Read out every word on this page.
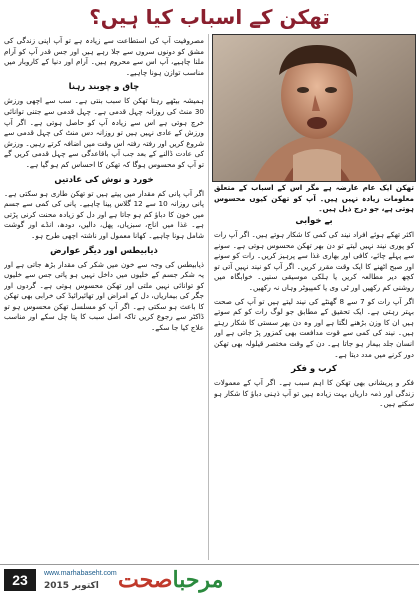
تھکن کے اسباب کیا ہیں؟

مصروفیت آپ کی استطاعت سے زیادہ ہے تو آپ اپنی زندگی کی مشق کو دونوں سروں سے جلا رہے ہیں اور جس قدر آپ کو آرام ملنا چاہیے، آپ اس سے محروم ہیں۔ آرام اور دنیا کے کاروبار میں مناسب توازن ہونا چاہیے۔

چاق و چوبند رہنا

ہمیشہ بیٹھے رہنا تھکن کا سبب بنتی ہے۔ سب سے اچھی ورزش 30 منٹ کی روزانہ چہل قدمی ہے۔ چہل قدمی سے جتنی توانائی خرچ ہوتی ہے اس سے زیادہ آپ کو حاصل ہوتی ہے۔ اگر آپ ورزش کے عادی نہیں ہیں تو روزانہ دس منٹ کی چہل قدمی سے شروع کریں اور رفتہ رفتہ اس وقت میں اضافہ کرتے رہیں۔ ورزش کی عادت ڈالنے کے بعد جب آپ باقاعدگی سے چہل قدمی کریں گے تو آپ کو محسوس ہوگا کہ تھکن کا احساس کم ہو گیا ہے۔

خورد و نوش کی عادتیں

اگر آپ پانی کم مقدار میں پیتے ہیں تو تھکن طاری ہو سکتی ہے۔ پانی روزانہ 10 سے 12 گلاس پینا چاہیے۔ پانی کی کمی سے جسم میں خون کا دباؤ کم ہو جاتا ہے اور دل کو زیادہ محنت کرنی پڑتی ہے۔ غذا میں اناج، سبزیاں، پھل، دالیں، دودھ، انڈے اور گوشت شامل ہونا چاہیے۔ کھانا معمول اور ناشتہ اچھی طرح ہو۔

ذیابیطس اور دیگر عوارض

ذیابیطس کی وجہ سے خون میں شکر کی مقدار بڑھ جاتی ہے اور یہ شکر جسم کے خلیوں میں داخل نہیں ہو پاتی جس سے خلیوں کو توانائی نہیں ملتی اور تھکن محسوس ہوتی ہے۔ گردوں اور جگر کی بیماریاں، دل کے امراض اور تھائیرائیڈ کی خرابی بھی تھکن کا باعث ہو سکتی ہے۔ اگر آپ کو مسلسل تھکن محسوس ہو تو ڈاکٹر سے رجوع کریں تاکہ اصل سبب کا پتا چل سکے اور مناسب علاج کیا جا سکے۔

تھکن ایک عام عارضہ ہے مگر اس کے اسباب کے متعلق معلومات زیادہ نہیں ہیں۔ آپ کو تھکن کیوں محسوس ہوتی ہے، جو درج ذیل ہیں۔
بے خوابی

اکثر تھکے ہوئے افراد نیند کی کمی کا شکار ہوتے ہیں۔ اگر آپ رات کو پوری نیند نہیں لیتے تو دن بھر تھکن محسوس ہوتی ہے۔ سونے سے پہلے چائے، کافی اور بھاری غذا سے پرہیز کریں۔ رات کو سونے اور صبح اٹھنے کا ایک وقت مقرر کریں۔ اگر آپ کو نیند نہیں آتی تو کچھ دیر مطالعہ کریں یا ہلکی موسیقی سنیں۔ خوابگاہ میں روشنی کم رکھیں اور ٹی وی یا کمپیوٹر وہاں نہ رکھیں۔

اگر آپ رات کو 7 سے 8 گھنٹے کی نیند لیتے ہیں تو آپ کی صحت بہتر رہتی ہے۔ ایک تحقیق کے مطابق جو لوگ رات کو کم سوتے ہیں ان کا وزن بڑھنے لگتا ہے اور وہ دن بھر سستی کا شکار رہتے ہیں۔ نیند کی کمی سے قوت مدافعت بھی کمزور پڑ جاتی ہے اور انسان جلد بیمار ہو جاتا ہے۔ دن کے وقت مختصر قیلولہ بھی تھکن دور کرنے میں مدد دیتا ہے۔

کرب و فکر

فکر و پریشانی بھی تھکن کا اہم سبب ہے۔ اگر آپ کے معمولات زندگی اور ذمہ داریاں بہت زیادہ ہیں تو آپ ذہنی دباؤ کا شکار ہو سکتے ہیں۔

23	www.marhabaseht.com
اکتوبر 2015	مرحباصحت
